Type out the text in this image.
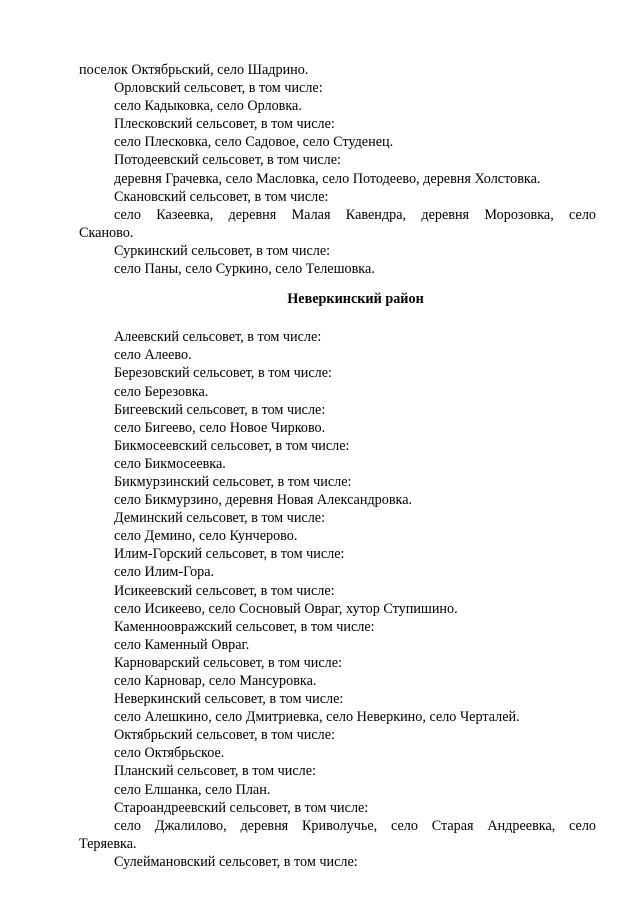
поселок Октябрьский, село Шадрино.

Орловский сельсовет, в том числе:

село Кадыковка, село Орловка.

Плесковский сельсовет, в том числе:

село Плесковка, село Садовое, село Студенец.

Потодеевский сельсовет, в том числе:

деревня Грачевка, село Масловка, село Потодеево, деревня Холстовка.

Скановский сельсовет, в том числе:

село Казеевка, деревня Малая Кавендра, деревня Морозовка, село

Сканово.

Суркинский сельсовет, в том числе:

село Паны, село Суркино, село Телешовка.

Неверкинский район

Алеевский сельсовет, в том числе:

село Алеево.

Березовский сельсовет, в том числе:

село Березовка.

Бигеевский сельсовет, в том числе:

село Бигеево, село Новое Чирково.

Бикмосеевский сельсовет, в том числе:

село Бикмосеевка.

Бикмурзинский сельсовет, в том числе:

село Бикмурзино, деревня Новая Александровка.

Деминский сельсовет, в том числе:

село Демино, село Кунчерово.

Илим-Горский сельсовет, в том числе:

село Илим-Гора.

Исикеевский сельсовет, в том числе:

село Исикеево, село Сосновый Овраг, хутор Ступишино.

Каменноовражский сельсовет, в том числе:

село Каменный Овраг.

Карноварский сельсовет, в том числе:

село Карновар, село Мансуровка.

Неверкинский сельсовет, в том числе:

село Алешкино, село Дмитриевка, село Неверкино, село Черталей.

Октябрьский сельсовет, в том числе:

село Октябрьское.

Планский сельсовет, в том числе:

село Елшанка, село План.

Староандреевский сельсовет, в том числе:

село Джалилово, деревня Криволучье, село Старая Андреевка, село

Теряевка.

Сулеймановский сельсовет, в том числе:
